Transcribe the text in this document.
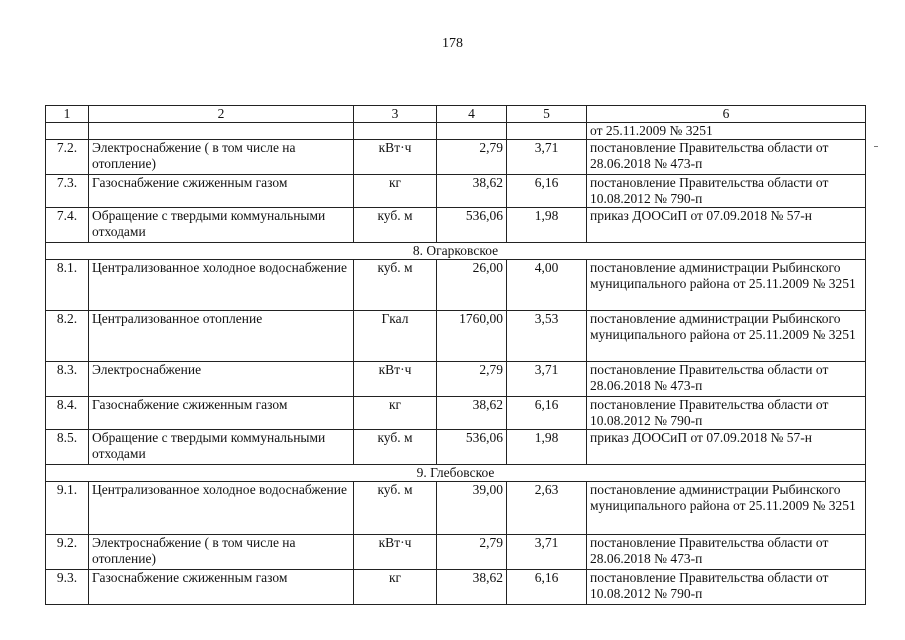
178
1	2	3	4	5	6
					от 25.11.2009 № 3251
7.2.	Электроснабжение ( в том числе на отопление)	кВт·ч	2,79	3,71	постановление Правительства области от 28.06.2018 № 473-п
7.3.	Газоснабжение сжиженным газом	кг	38,62	6,16	постановление Правительства области от 10.08.2012 № 790-п
7.4.	Обращение с твердыми коммунальными отходами	куб. м	536,06	1,98	приказ ДООСиП от 07.09.2018 № 57-н
8. Огарковское					
8.1.	Централизованное холодное водоснабжение	куб. м	26,00	4,00	постановление администрации Рыбинского муниципального района от 25.11.2009 № 3251
8.2.	Централизованное отопление	Гкал	1760,00	3,53	постановление администрации Рыбинского муниципального района от 25.11.2009 № 3251
8.3.	Электроснабжение	кВт·ч	2,79	3,71	постановление Правительства области от 28.06.2018 № 473-п
8.4.	Газоснабжение сжиженным газом	кг	38,62	6,16	постановление Правительства области от 10.08.2012 № 790-п
8.5.	Обращение с твердыми коммунальными отходами	куб. м	536,06	1,98	приказ ДООСиП от 07.09.2018 № 57-н
9. Глебовское					
9.1.	Централизованное холодное водоснабжение	куб. м	39,00	2,63	постановление администрации Рыбинского муниципального района от 25.11.2009 № 3251
9.2.	Электроснабжение ( в том числе на отопление)	кВт·ч	2,79	3,71	постановление Правительства области от 28.06.2018 № 473-п
9.3.	Газоснабжение сжиженным газом	кг	38,62	6,16	постановление Правительства области от 10.08.2012 № 790-п
